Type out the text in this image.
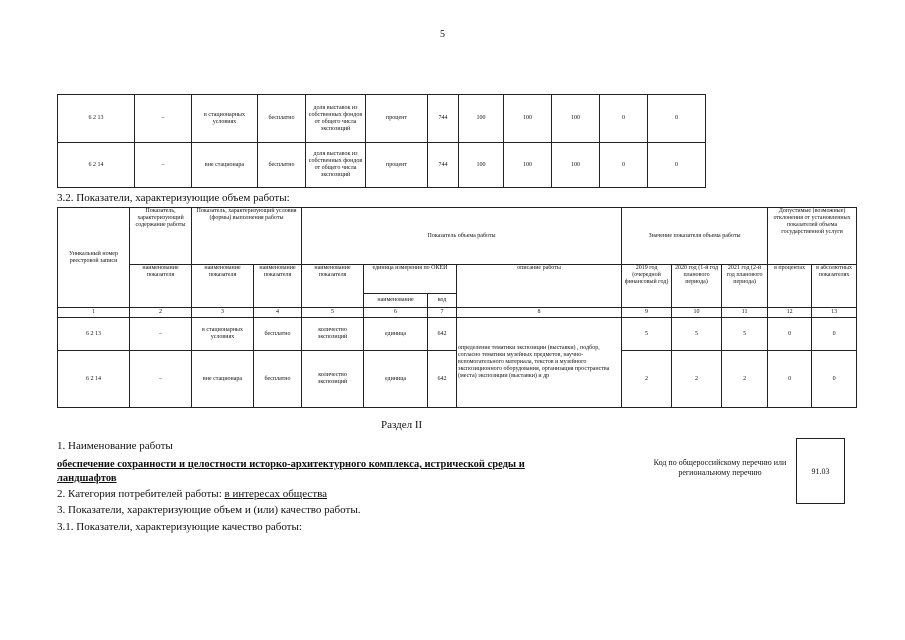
5
6 2 13	–	в стационарных условиях	бесплатно	доля выставок из собственных фондов от общего числа экспозиций	процент	744	100	100	100	0	0
6 2 14	–	вне стационара	бесплатно	доля выставок из собственных фондов от общего числа экспозиций	процент	744	100	100	100	0	0
3.2. Показатели, характеризующие объем работы:
Уникальный номер реестровой записи	Показатель, характеризующий содержание работы	Показатель, характеризующий условия (формы) выполнения работы		Показатель объема работы				Значение показателя объема работы			Допустимые (возможные) отклонения от установленных показателей объема государственной услуги	
	наименование показателя	наименование показателя	наименование показателя	наименование показателя	единица измерения по ОКЕИ		описание работы	2019 год (очередной финансовый год)	2020 год (1-й год планового периода)	2021 год (2-й год планового периода)	в процентах	в абсолютных показателях
					наименование	код						
1	2	3	4	5	6	7	8	9	10	11	12	13
6 2 13	–	в стационарных условиях	бесплатно	количество экспозиций	единица	642	определение тематики экспозиции (выставки) , подбор, согласно тематики музейных предметов, научно-вспомогательного материала, текстов и музейного экспозиционного оборудования, организация пространства (места) экспозиции (выставки) и др	5	5	5	0	0
6 2 14	–	вне стационара	бесплатно	количество экспозиций	единица	642		2	2	2	0	0
Раздел II
1. Наименование работы
обеспечение сохранности и целостности исторко-архитектурного комплекса, истрической среды и
ландшафтов
Код по общероссийскому перечню или региональному перечню	91.03
2. Категория потребителей работы: в интересах общества
3. Показатели, характеризующие объем и (или) качество работы.
3.1. Показатели, характеризующие качество работы:
